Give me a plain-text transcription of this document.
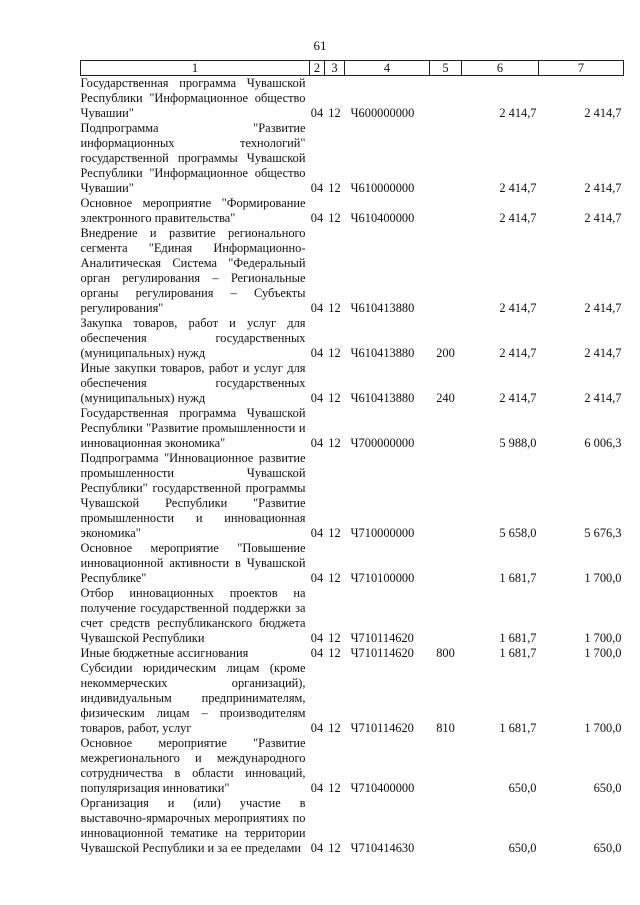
61
1	2	3	4	5	6	7
Государственная программа Чувашской Республики "Информационное общество Чувашии"	04	12	Ч600000000		2 414,7	2 414,7
Подпрограмма "Развитие информационных технологий" государственной программы Чувашской Республики "Информационное общество Чувашии"	04	12	Ч610000000		2 414,7	2 414,7
Основное мероприятие "Формирование электронного правительства"	04	12	Ч610400000		2 414,7	2 414,7
Внедрение и развитие регионального сегмента "Единая Информационно-Аналитическая Система "Федеральный орган регулирования – Региональные органы регулирования – Субъекты регулирования"	04	12	Ч610413880		2 414,7	2 414,7
Закупка товаров, работ и услуг для обеспечения государственных (муниципальных) нужд	04	12	Ч610413880	200	2 414,7	2 414,7
Иные закупки товаров, работ и услуг для обеспечения государственных (муниципальных) нужд	04	12	Ч610413880	240	2 414,7	2 414,7
Государственная программа Чувашской Республики "Развитие промышленности и инновационная экономика"	04	12	Ч700000000		5 988,0	6 006,3
Подпрограмма "Инновационное развитие промышленности Чувашской Республики" государственной программы Чувашской Республики "Развитие промышленности и инновационная экономика"	04	12	Ч710000000		5 658,0	5 676,3
Основное мероприятие "Повышение инновационной активности в Чувашской Республике"	04	12	Ч710100000		1 681,7	1 700,0
Отбор инновационных проектов на получение государственной поддержки за счет средств республиканского бюджета Чувашской Республики	04	12	Ч710114620		1 681,7	1 700,0
Иные бюджетные ассигнования	04	12	Ч710114620	800	1 681,7	1 700,0
Субсидии юридическим лицам (кроме некоммерческих организаций), индивидуальным предпринимателям, физическим лицам – производителям товаров, работ, услуг	04	12	Ч710114620	810	1 681,7	1 700,0
Основное мероприятие "Развитие межрегионального и международного сотрудничества в области инноваций, популяризация инноватики"	04	12	Ч710400000		650,0	650,0
Организация и (или) участие в выставочно-ярмарочных мероприятиях по инновационной тематике на территории Чувашской Республики и за ее пределами	04	12	Ч710414630		650,0	650,0
